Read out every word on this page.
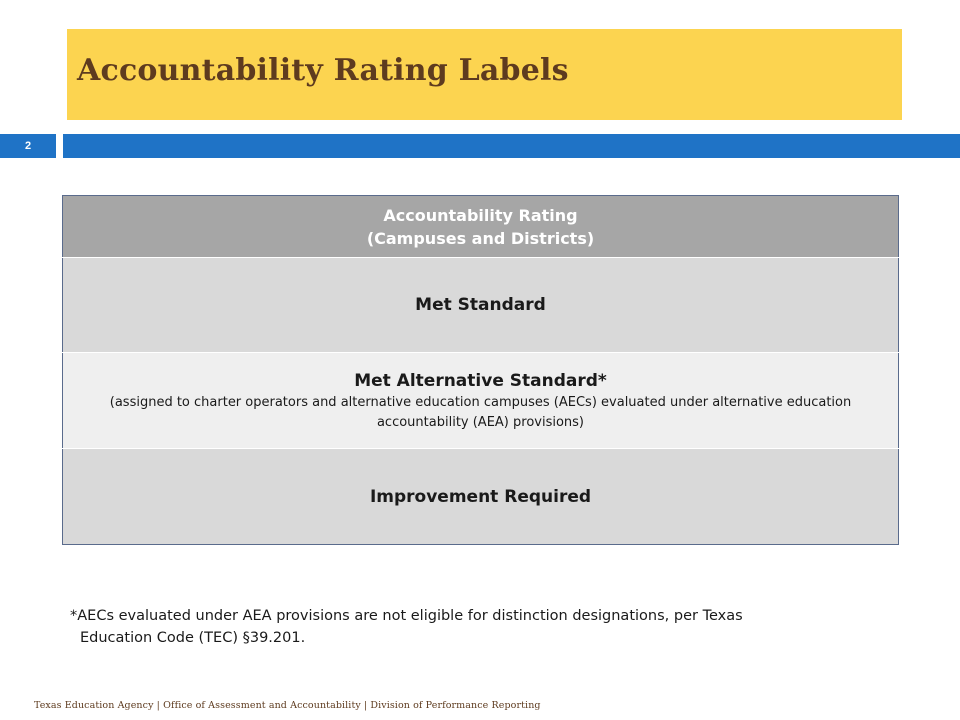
Accountability Rating Labels
2
Accountability Rating
(Campuses and Districts)

Met Standard

Met Alternative Standard*
(assigned to charter operators and alternative education campuses (AECs) evaluated under alternative education accountability (AEA) provisions)

Improvement Required
*AECs evaluated under AEA provisions are not eligible for distinction designations, per Texas
Education Code (TEC) §39.201.
Texas Education Agency | Office of Assessment and Accountability | Division of Performance Reporting
